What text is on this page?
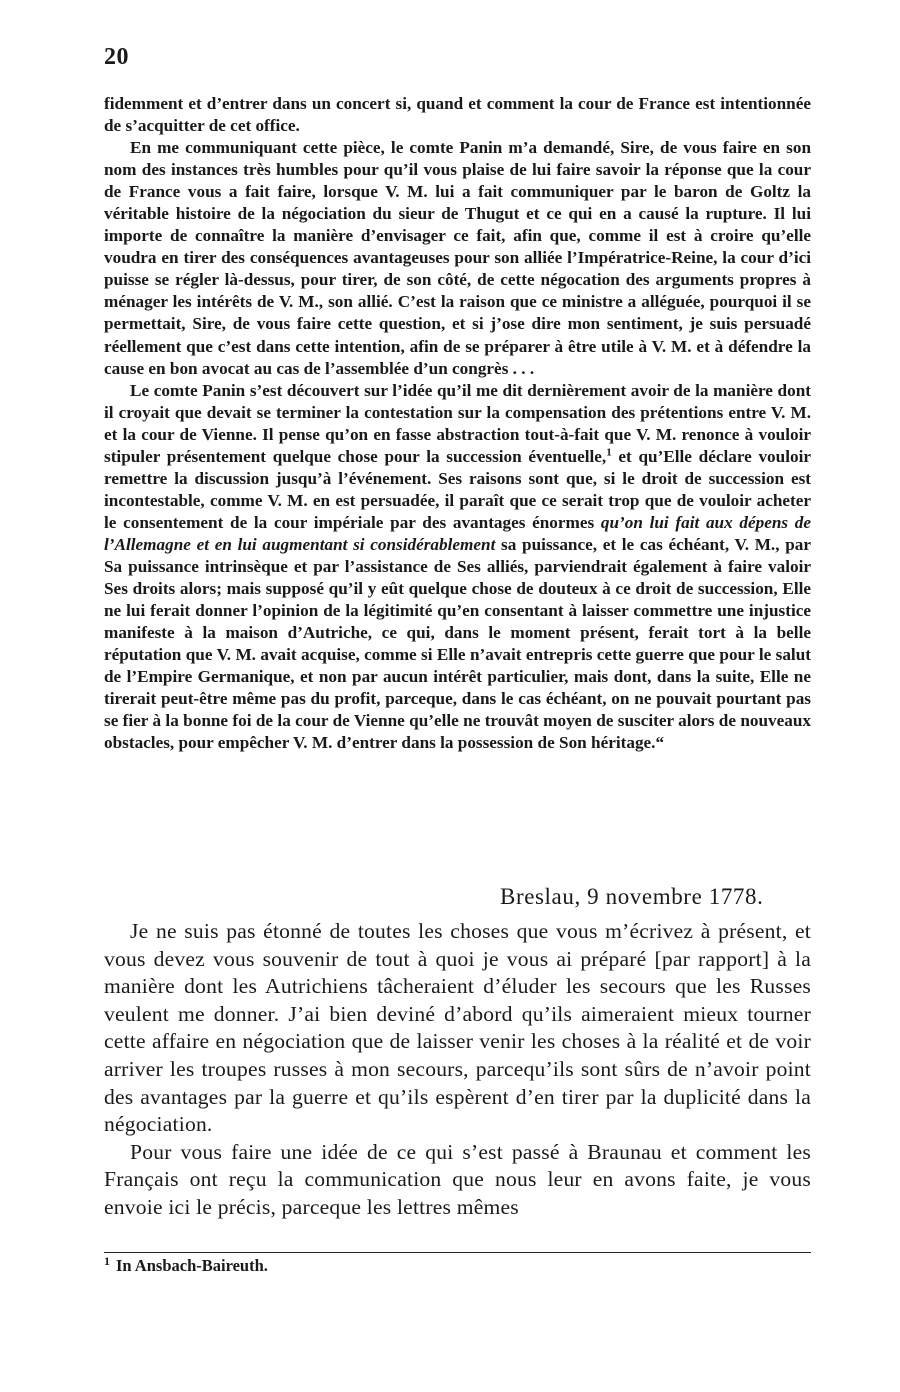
20

fidemment et d’entrer dans un concert si, quand et comment la cour de France est intentionnée de s’acquitter de cet office.

En me communiquant cette pièce, le comte Panin m’a demandé, Sire, de vous faire en son nom des instances très humbles pour qu’il vous plaise de lui faire savoir la réponse que la cour de France vous a fait faire, lorsque V. M. lui a fait communiquer par le baron de Goltz la véritable histoire de la négociation du sieur de Thugut et ce qui en a causé la rupture. Il lui importe de connaître la manière d’envisager ce fait, afin que, comme il est à croire qu’elle voudra en tirer des conséquences avantageuses pour son alliée l’Impératrice-Reine, la cour d’ici puisse se régler là-dessus, pour tirer, de son côté, de cette négocation des arguments propres à ménager les intérêts de V. M., son allié. C’est la raison que ce ministre a alléguée, pourquoi il se permettait, Sire, de vous faire cette question, et si j’ose dire mon sentiment, je suis persuadé réellement que c’est dans cette intention, afin de se préparer à être utile à V. M. et à défendre la cause en bon avocat au cas de l’assemblée d’un congrès . . .

Le comte Panin s’est découvert sur l’idée qu’il me dit dernièrement avoir de la manière dont il croyait que devait se terminer la contestation sur la compensation des prétentions entre V. M. et la cour de Vienne. Il pense qu’on en fasse abstraction tout-à-fait que V. M. renonce à vouloir stipuler présentement quelque chose pour la succession éventuelle,$^1$ et qu’Elle déclare vouloir remettre la discussion jusqu’à l’événement. Ses raisons sont que, si le droit de succession est incontestable, comme V. M. en est persuadée, il paraît que ce serait trop que de vouloir acheter le consentement de la cour impériale par des avantages énormes qu’on lui fait aux dépens de l’Allemagne et en lui augmentant si considérablement sa puissance, et le cas échéant, V. M., par Sa puissance intrinsèque et par l’assistance de Ses alliés, parviendrait également à faire valoir Ses droits alors; mais supposé qu’il y eût quelque chose de douteux à ce droit de succession, Elle ne lui ferait donner l’opinion de la légitimité qu’en consentant à laisser commettre une injustice manifeste à la maison d’Autriche, ce qui, dans le moment présent, ferait tort à la belle réputation que V. M. avait acquise, comme si Elle n’avait entrepris cette guerre que pour le salut de l’Empire Germanique, et non par aucun intérêt particulier, mais dont, dans la suite, Elle ne tirerait peut-être même pas du profit, parceque, dans le cas échéant, on ne pouvait pourtant pas se fier à la bonne foi de la cour de Vienne qu’elle ne trouvât moyen de susciter alors de nouveaux obstacles, pour empêcher V. M. d’entrer dans la possession de Son héritage.“

Breslau, 9 novembre 1778.

Je ne suis pas étonné de toutes les choses que vous m’écrivez à présent, et vous devez vous souvenir de tout à quoi je vous ai préparé [par rapport] à la manière dont les Autrichiens tâcheraient d’éluder les secours que les Russes veulent me donner. J’ai bien deviné d’abord qu’ils aimeraient mieux tourner cette affaire en négociation que de laisser venir les choses à la réalité et de voir arriver les troupes russes à mon secours, parcequ’ils sont sûrs de n’avoir point des avantages par la guerre et qu’ils espèrent d’en tirer par la duplicité dans la négociation.

Pour vous faire une idée de ce qui s’est passé à Braunau et comment les Français ont reçu la communication que nous leur en avons faite, je vous envoie ici le précis, parceque les lettres mêmes

$^1$ In Ansbach-Baireuth.
